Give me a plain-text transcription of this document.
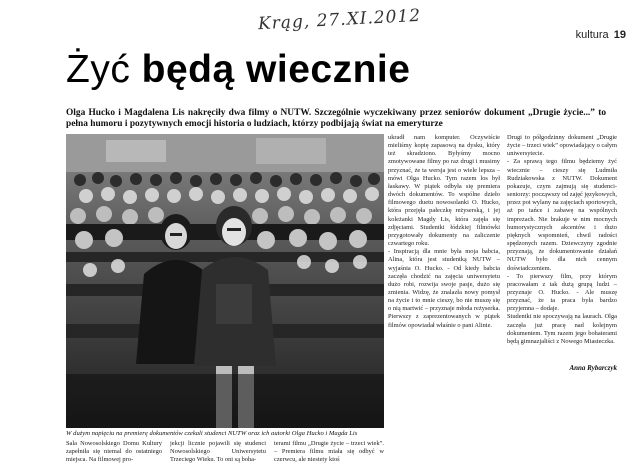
Krąg, 27.XI.2012
kultura 19
Żyć będą wiecznie
Olga Hucko i Magdalena Lis nakręciły dwa filmy o NUTW. Szczególnie wyczekiwany przez seniorów dokument „Drugie życie...” to pełna humoru i pozytywnych emocji historia o ludziach, którzy podbijają świat na emeryturze
W dużym napięciu na premierę dokumentów czekali studenci NUTW oraz ich autorki Olga Hucko i Magda Lis

ukradł nam komputer. Oczywiście mieliśmy kopię zapasową na dysku, który też skradziono. Byłyśmy mocno zmotywowane filmy po raz drugi i musimy przyznać, że ta wersja jest o wiele lepsza – mówi Olga Hucko. Tym razem los był łaskawy. W piątek odbyła się premiera dwóch dokumentów. To wspólne dzieło filmowego duetu nowosolanki O. Hucko, która przejęła pałeczkę reżyserską, i jej koleżanki Magdy Lis, która zajęła się zdjęciami. Studentki łódzkiej filmówki przygotowały dokumenty na zaliczenie czwartego roku.

- Inspiracją dla mnie była moja babcia, Alina, która jest studentką NUTW – wyjaśnia O. Hucko. - Od kiedy babcia zaczęła chodzić na zajęcia uniwersytetu dużo robi, rozwija swoje pasje, dużo się zmienia. Widzę, że znalazła nowy pomysł na życie i to mnie cieszy, bo nie muszę się o nią martwić – przyznaje młoda reżyserka. Pierwszy z zaprezentowanych w piątek filmów opowiadał właśnie o pani Alinie.

Drugi to półgodzinny dokument „Drugie życie – trzeci wiek” opowiadający o całym uniwersytecie.

- Za sprawą tego filmu będziemy żyć wiecznie – cieszy się Ludmiła Rudziakowska z NUTW. Dokument pokazuje, czym zajmują się studenci-seniorzy: począwszy od zajęć językowych, przez pot wylany na zajęciach sportowych, aż po tańce i zabawę na wspólnych imprezach. Nie brakuje w nim mocnych humorystycznych akcentów i dużo pięknych wspomnień, chwil radości spędzonych razem. Dziewczyny zgodnie przyznają, że dokumentowanie działań NUTW było dla nich cennym doświadczeniem.

- To pierwszy film, przy którym pracowałam z tak dużą grupą ludzi – przyznaje O. Hucko. - Ale muszę przyznać, że ta praca była bardzo przyjemna – dodaje.

Studentki nie spoczywają na laurach. Olga zaczęła już pracę nad kolejnym dokumentem. Tym razem jego bohaterami będą gimnazjaliści z Nowego Miasteczka.

Anna Rybarczyk
Sala Nowosolskiego Domu Kultury zapełniła się niemal do ostatniego miejsca. Na filmowej pro-
jekcji licznie pojawili się studenci Nowosolskiego Uniwersytetu Trzeciego Wieku. To oni są boha-
terami filmu „Drugie życie – trzeci wiek”. – Premiera filmu miała się odbyć w czerwcu, ale niestety ktoś
